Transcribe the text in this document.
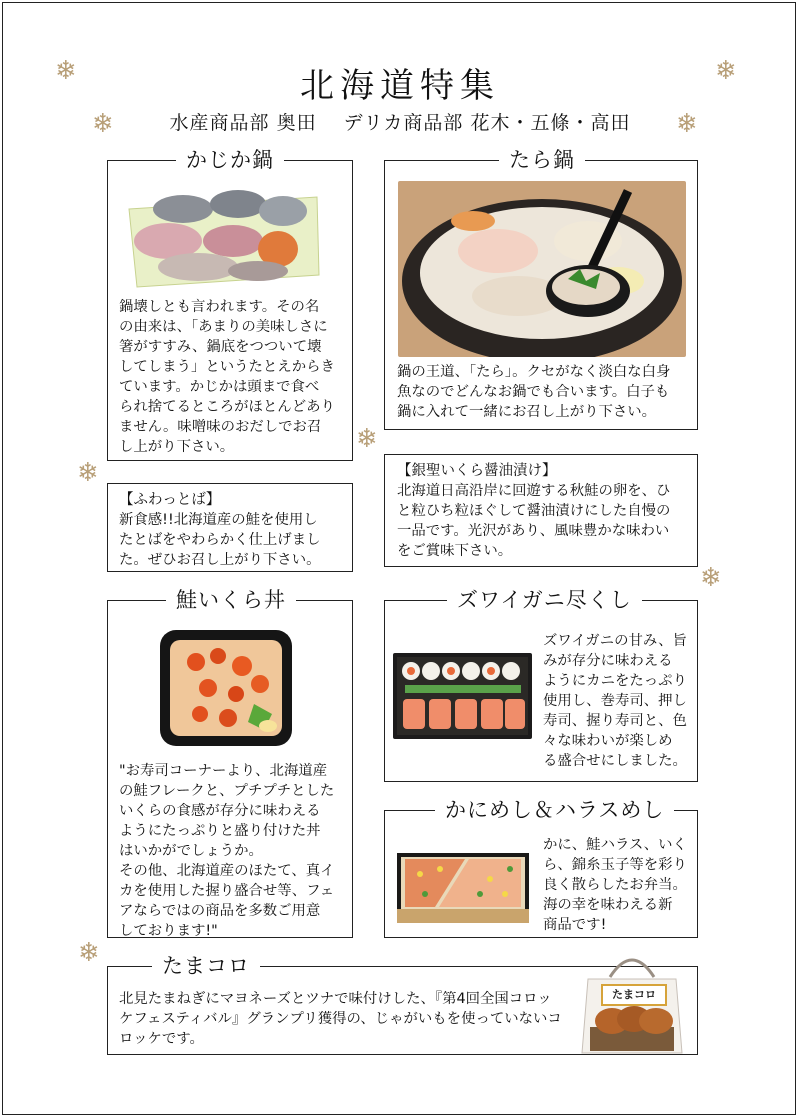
北海道特集
水産商品部 奥田　 デリカ商品部 花木・五條・高田
❄	❄
❄	❄
❄
❄
❄
❄
かじか鍋
鍋壊しとも言われます。その名
の由来は、「あまりの美味しさに
箸がすすみ、鍋底をつついて壊
してしまう」というたとえからき
ています。かじかは頭まで食べ
られ捨てるところがほとんどあり
ません。味噌味のおだしでお召
し上がり下さい。
たら鍋
鍋の王道、「たら」。クセがなく淡白な白身
魚なのでどんなお鍋でも合います。白子も
鍋に入れて一緒にお召し上がり下さい。
【ふわっとば】
新食感!!北海道産の鮭を使用し
たとばをやわらかく仕上げまし
た。ぜひお召し上がり下さい。
【銀聖いくら醤油漬け】
北海道日高沿岸に回遊する秋鮭の卵を、ひ
と粒ひち粒ほぐして醤油漬けにした自慢の
一品です。光沢があり、風味豊かな味わい
をご賞味下さい。
鮭いくら丼
"お寿司コーナーより、北海道産
の鮭フレークと、プチプチとした
いくらの食感が存分に味わえる
ようにたっぷりと盛り付けた丼
はいかがでしょうか。
その他、北海道産のほたて、真イ
カを使用した握り盛合せ等、フェ
アならではの商品を多数ご用意
しております!"
ズワイガニ尽くし
ズワイガニの甘み、旨
みが存分に味わえる
ようにカニをたっぷり
使用し、巻寿司、押し
寿司、握り寿司と、色
々な味わいが楽しめ
る盛合せにしました。
かにめし＆ハラスめし
かに、鮭ハラス、いく
ら、錦糸玉子等を彩り
良く散らしたお弁当。
海の幸を味わえる新
商品です!
たまコロ
北見たまねぎにマヨネーズとツナで味付けした、『第4回全国コロッ
ケフェスティバル』グランプリ獲得の、じゃがいもを使っていないコ
ロッケです。
たまコロ
